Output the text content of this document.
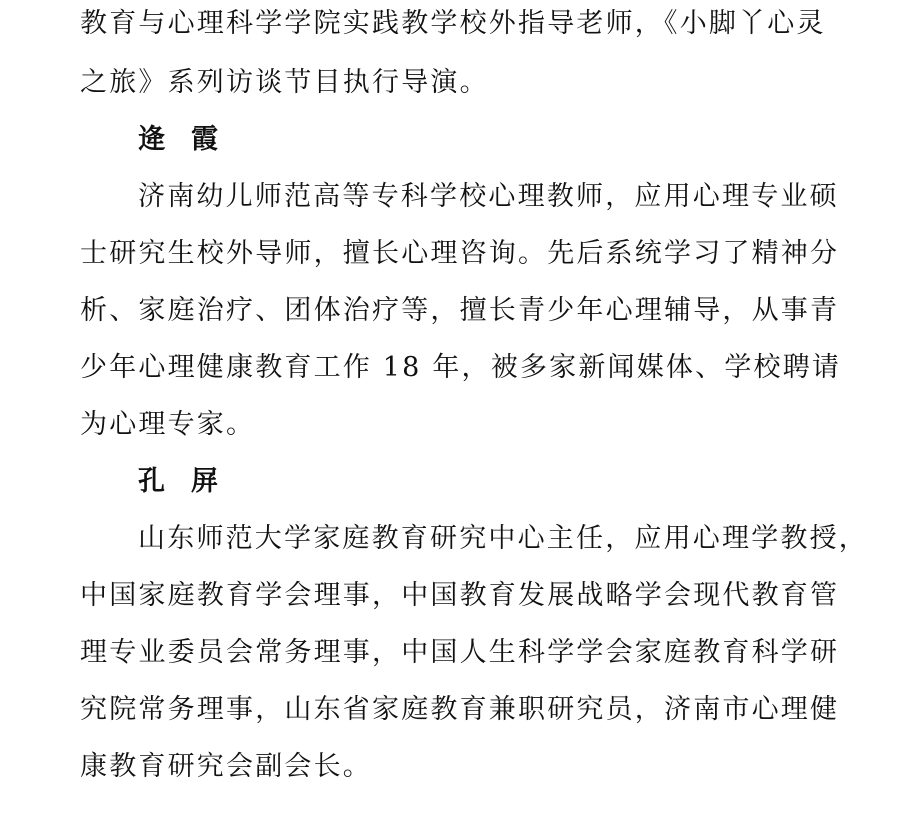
教育与心理科学学院实践教学校外指导老师，《小脚丫心灵
之旅》系列访谈节目执行导演。
逄霞
济南幼儿师范高等专科学校心理教师，应用心理专业硕
士研究生校外导师，擅长心理咨询。先后系统学习了精神分
析、家庭治疗、团体治疗等，擅长青少年心理辅导，从事青
少年心理健康教育工作 18 年，被多家新闻媒体、学校聘请
为心理专家。
孔屏
山东师范大学家庭教育研究中心主任，应用心理学教授，
中国家庭教育学会理事，中国教育发展战略学会现代教育管
理专业委员会常务理事，中国人生科学学会家庭教育科学研
究院常务理事，山东省家庭教育兼职研究员，济南市心理健
康教育研究会副会长。
